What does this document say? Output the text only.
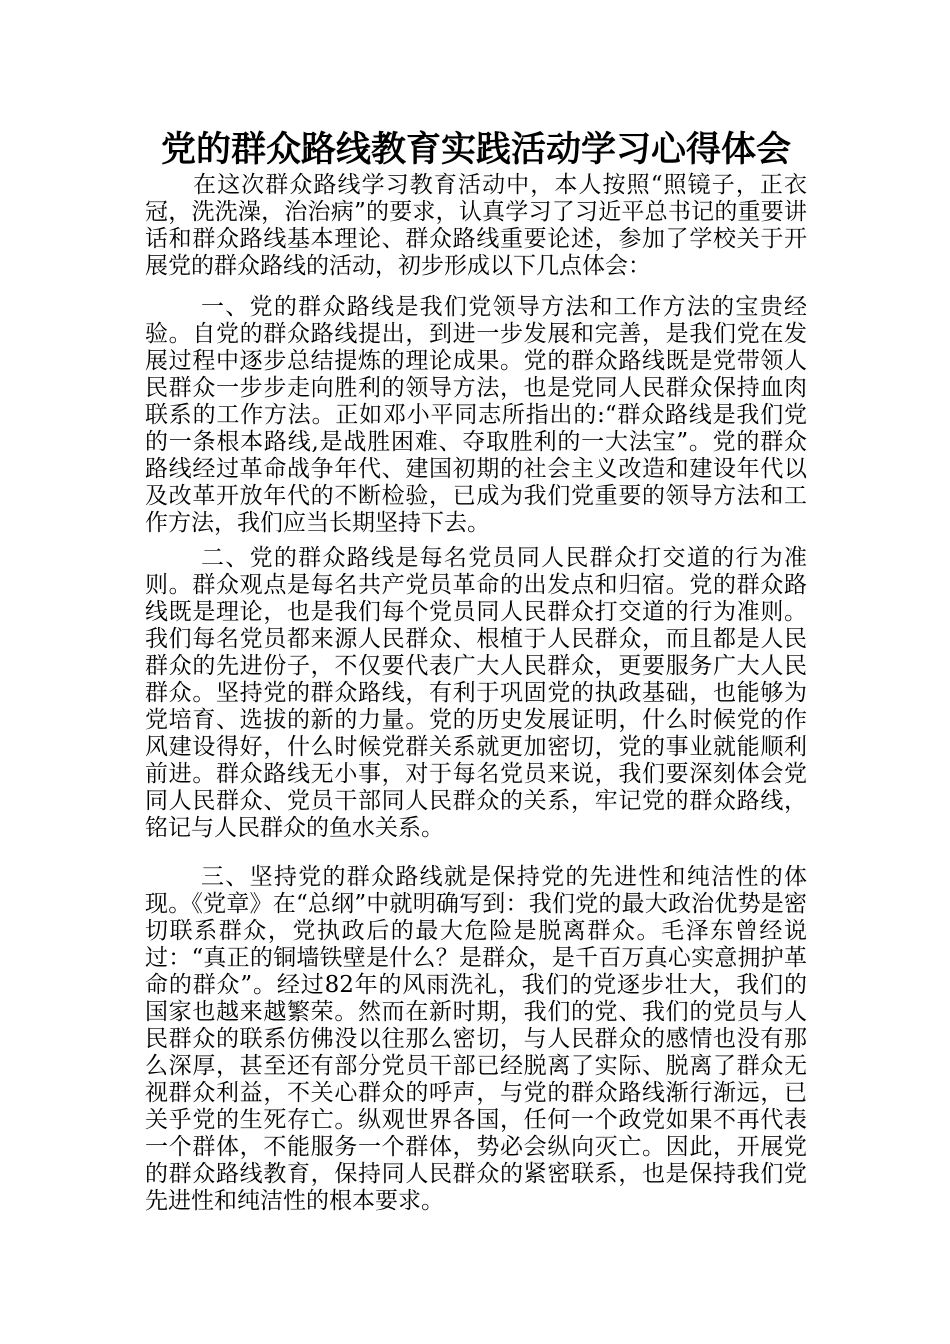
党的群众路线教育实践活动学习心得体会

在这次群众路线学习教育活动中，本人按照“照镜子，正衣冠，洗洗澡，治治病”的要求，认真学习了习近平总书记的重要讲话和群众路线基本理论、群众路线重要论述，参加了学校关于开展党的群众路线的活动，初步形成以下几点体会：

一、党的群众路线是我们党领导方法和工作方法的宝贵经验。自党的群众路线提出，到进一步发展和完善，是我们党在发展过程中逐步总结提炼的理论成果。党的群众路线既是党带领人民群众一步步走向胜利的领导方法，也是党同人民群众保持血肉联系的工作方法。正如邓小平同志所指出的:“群众路线是我们党的一条根本路线,是战胜困难、夺取胜利的一大法宝”。党的群众路线经过革命战争年代、建国初期的社会主义改造和建设年代以及改革开放年代的不断检验，已成为我们党重要的领导方法和工作方法，我们应当长期坚持下去。

二、党的群众路线是每名党员同人民群众打交道的行为准则。群众观点是每名共产党员革命的出发点和归宿。党的群众路线既是理论，也是我们每个党员同人民群众打交道的行为准则。我们每名党员都来源人民群众、根植于人民群众，而且都是人民群众的先进份子，不仅要代表广大人民群众，更要服务广大人民群众。坚持党的群众路线，有利于巩固党的执政基础，也能够为党培育、选拔的新的力量。党的历史发展证明，什么时候党的作风建设得好，什么时候党群关系就更加密切，党的事业就能顺利前进。群众路线无小事，对于每名党员来说，我们要深刻体会党同人民群众、党员干部同人民群众的关系，牢记党的群众路线，铭记与人民群众的鱼水关系。

三、坚持党的群众路线就是保持党的先进性和纯洁性的体现。《党章》在“总纲”中就明确写到：我们党的最大政治优势是密切联系群众，党执政后的最大危险是脱离群众。毛泽东曾经说过：“真正的铜墙铁壁是什么？是群众，是千百万真心实意拥护革命的群众”。经过82年的风雨洗礼，我们的党逐步壮大，我们的国家也越来越繁荣。然而在新时期，我们的党、我们的党员与人民群众的联系仿佛没以往那么密切，与人民群众的感情也没有那么深厚，甚至还有部分党员干部已经脱离了实际、脱离了群众无视群众利益，不关心群众的呼声，与党的群众路线渐行渐远，已关乎党的生死存亡。纵观世界各国，任何一个政党如果不再代表一个群体，不能服务一个群体，势必会纵向灭亡。因此，开展党的群众路线教育，保持同人民群众的紧密联系，也是保持我们党先进性和纯洁性的根本要求。
